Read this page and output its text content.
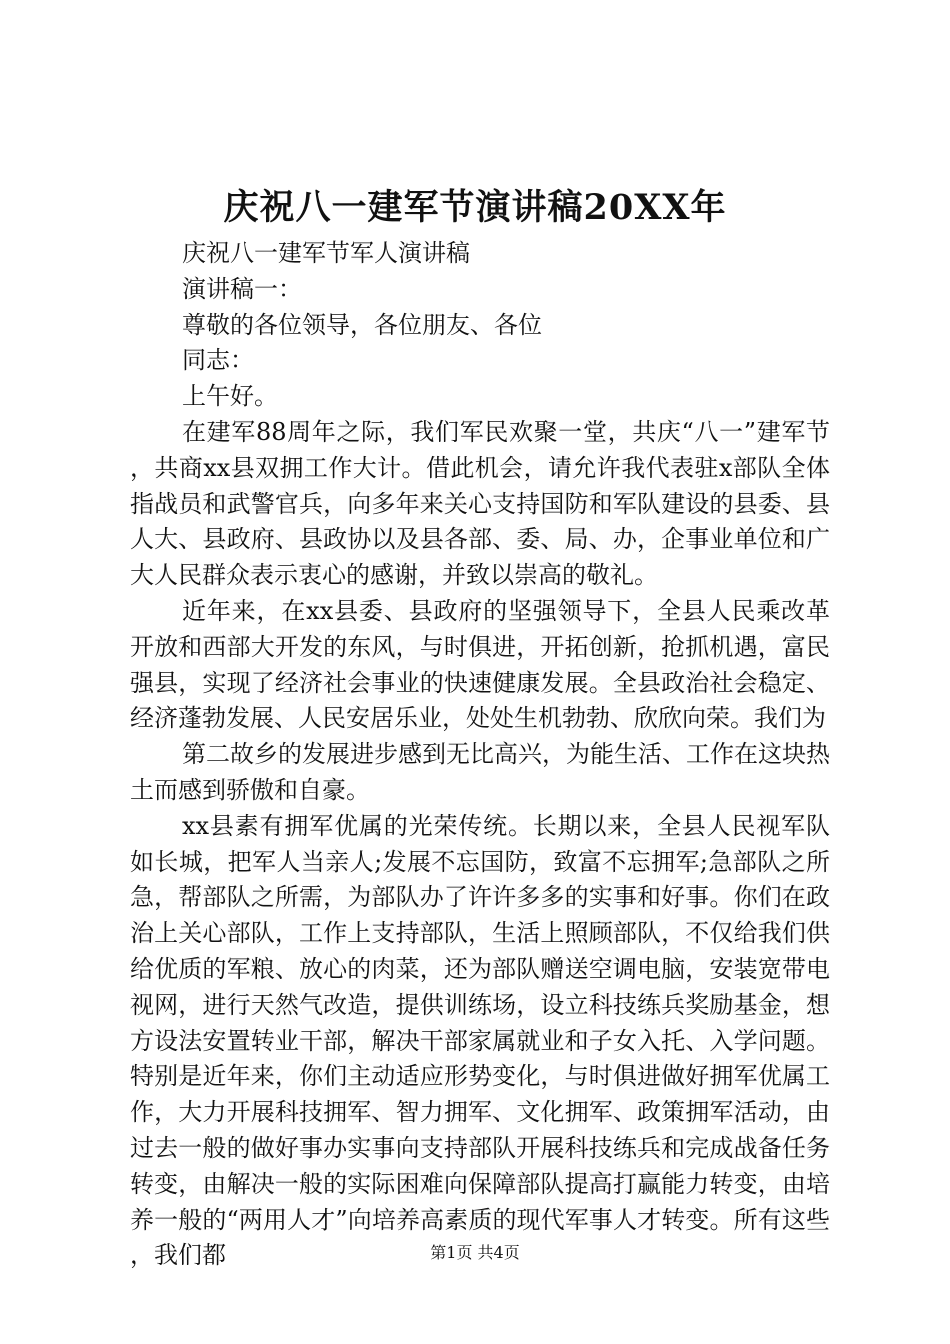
庆祝八一建军节演讲稿20XX年

庆祝八一建军节军人演讲稿

演讲稿一：

尊敬的各位领导，各位朋友、各位

同志：

上午好。

在建军88周年之际，我们军民欢聚一堂，共庆“八一”建军节，共商xx县双拥工作大计。借此机会，请允许我代表驻x部队全体指战员和武警官兵，向多年来关心支持国防和军队建设的县委、县人大、县政府、县政协以及县各部、委、局、办，企事业单位和广大人民群众表示衷心的感谢，并致以崇高的敬礼。

近年来，在xx县委、县政府的坚强领导下，全县人民乘改革开放和西部大开发的东风，与时俱进，开拓创新，抢抓机遇，富民强县，实现了经济社会事业的快速健康发展。全县政治社会稳定、经济蓬勃发展、人民安居乐业，处处生机勃勃、欣欣向荣。我们为

第二故乡的发展进步感到无比高兴，为能生活、工作在这块热土而感到骄傲和自豪。

xx县素有拥军优属的光荣传统。长期以来，全县人民视军队如长城，把军人当亲人;发展不忘国防，致富不忘拥军;急部队之所急，帮部队之所需，为部队办了许许多多的实事和好事。你们在政治上关心部队，工作上支持部队，生活上照顾部队，不仅给我们供给优质的军粮、放心的肉菜，还为部队赠送空调电脑，安装宽带电视网，进行天然气改造，提供训练场，设立科技练兵奖励基金，想方设法安置转业干部，解决干部家属就业和子女入托、入学问题。特别是近年来，你们主动适应形势变化，与时俱进做好拥军优属工作，大力开展科技拥军、智力拥军、文化拥军、政策拥军活动，由过去一般的做好事办实事向支持部队开展科技练兵和完成战备任务转变，由解决一般的实际困难向保障部队提高打赢能力转变，由培养一般的“两用人才”向培养高素质的现代军事人才转变。所有这些，我们都	第1页 共4页
